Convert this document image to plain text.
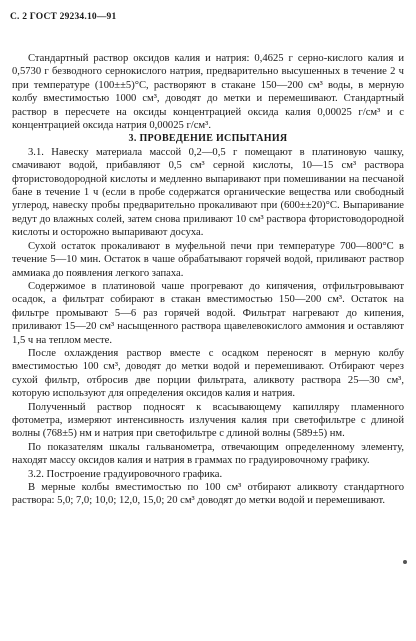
С. 2 ГОСТ 29234.10—91

Стандартный раствор оксидов калия и натрия: 0,4625 г серно-кислого калия и 0,5730 г безводного сернокислого натрия, предварительно высушенных в течение 2 ч при температуре (100±±5)°С, растворяют в стакане 150—200 см³ воды, в мерную колбу вместимостью 1000 см³, доводят до метки и перемешивают. Стандартный раствор в пересчете на оксиды концентрацией оксида калия 0,00025 г/см³ и с концентрацией оксида натрия 0,00025 г/см³.

3. ПРОВЕДЕНИЕ ИСПЫТАНИЯ

3.1. Навеску материала массой 0,2—0,5 г помещают в платиновую чашку, смачивают водой, прибавляют 0,5 см³ серной кислоты, 10—15 см³ раствора фтористоводородной кислоты и медленно выпаривают при помешивании на песчаной бане в течение 1 ч (если в пробе содержатся органические вещества или свободный углерод, навеску пробы предварительно прокаливают при (600±±20)°С. Выпаривание ведут до влажных солей, затем снова приливают 10 см³ раствора фтористоводородной кислоты и осторожно выпаривают досуха.

Сухой остаток прокаливают в муфельной печи при температуре 700—800°С в течение 5—10 мин. Остаток в чаше обрабатывают горячей водой, приливают раствор аммиака до появления легкого запаха.

Содержимое в платиновой чаше прогревают до кипячения, отфильтровывают осадок, а фильтрат собирают в стакан вместимостью 150—200 см³. Остаток на фильтре промывают 5—6 раз горячей водой. Фильтрат нагревают до кипения, приливают 15—20 см³ насыщенного раствора щавелевокислого аммония и оставляют 1,5 ч на теплом месте.

После охлаждения раствор вместе с осадком переносят в мерную колбу вместимостью 100 см³, доводят до метки водой и перемешивают. Отбирают через сухой фильтр, отбросив две порции фильтрата, аликвоту раствора 25—30 см³, которую используют для определения оксидов калия и натрия.

Полученный раствор подносят к всасывающему капилляру пламенного фотометра, измеряют интенсивность излучения калия при светофильтре с длиной волны (768±5) нм и натрия при светофильтре с длиной волны (589±5) нм.

По показателям шкалы гальванометра, отвечающим определенному элементу, находят массу оксидов калия и натрия в граммах по градуировочному графику.

3.2. Построение градуировочного графика.

В мерные колбы вместимостью по 100 см³ отбирают аликвоту стандартного раствора: 5,0; 7,0; 10,0; 12,0, 15,0; 20 см³ доводят до метки водой и перемешивают.
